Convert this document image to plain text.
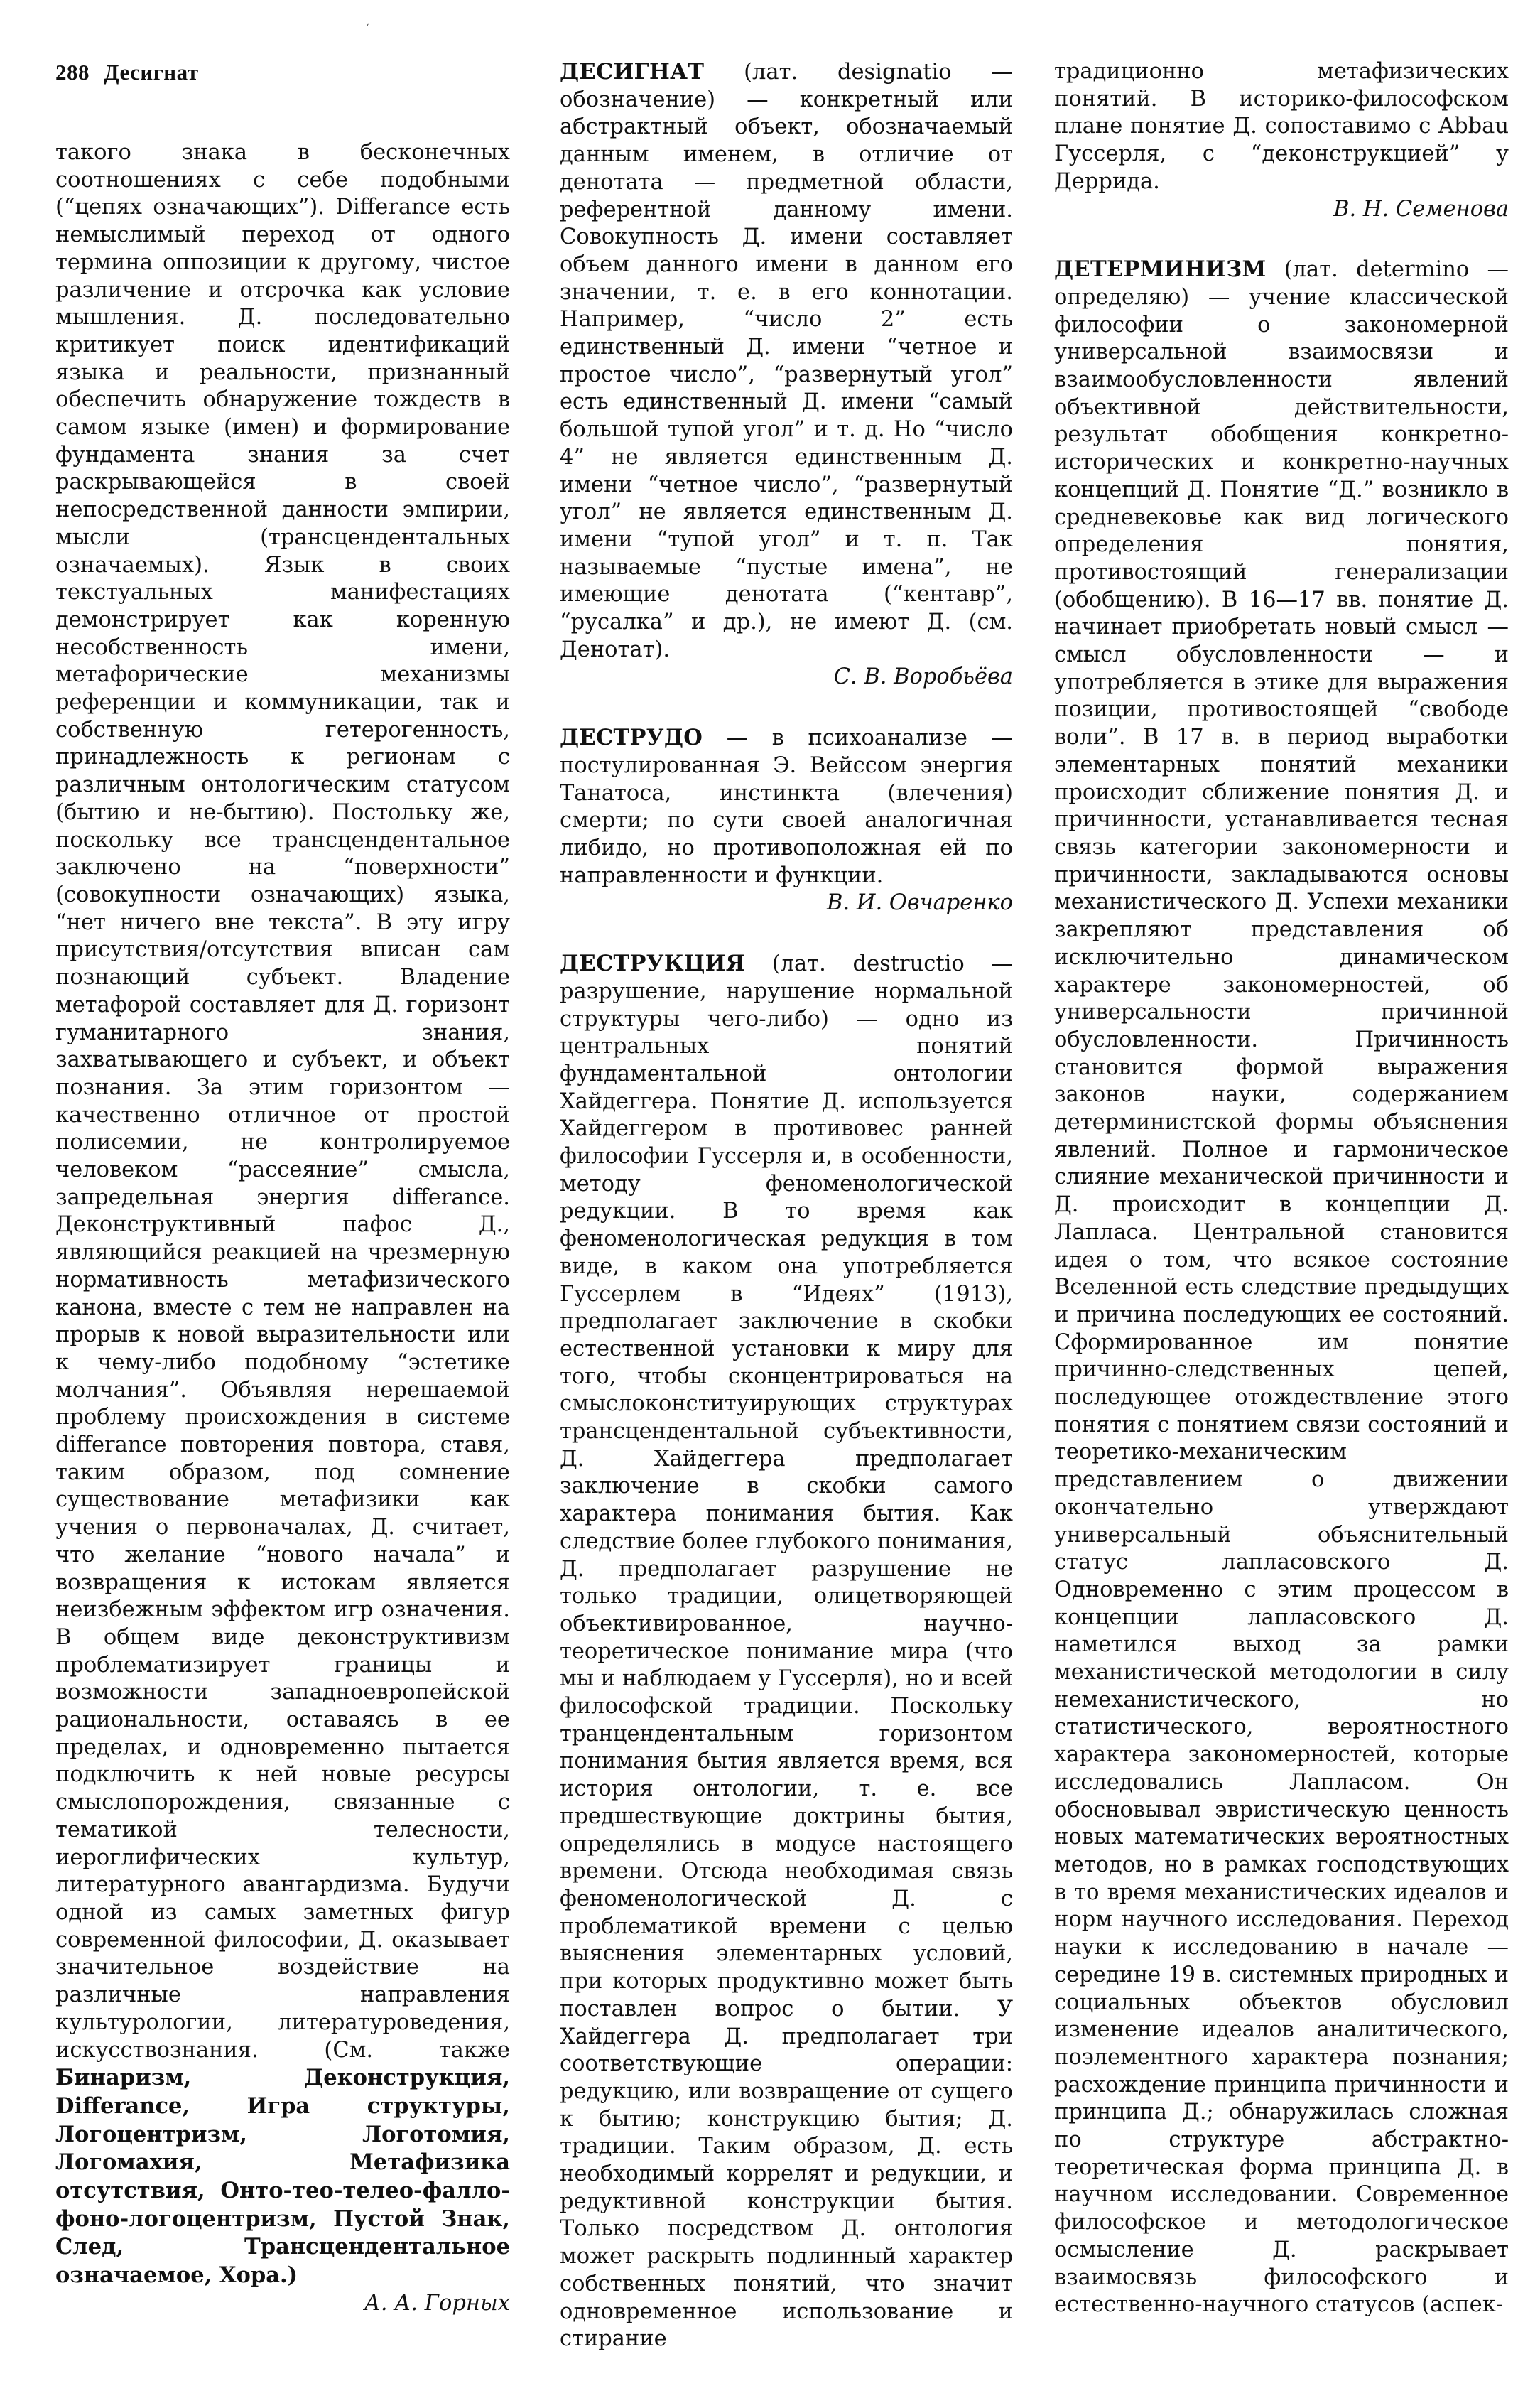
ʻ
288 Десигнат

такого знака в бесконечных соотношениях с себе подобными (“цепях означающих”). Differance есть немыслимый переход от одного термина оппозиции к другому, чистое различение и отсрочка как условие мышления. Д. последовательно критикует поиск идентификаций языка и реальности, признанный обеспечить обнаружение тождеств в самом языке (имен) и формирование фундамента знания за счет раскрывающейся в своей непосредственной данности эмпирии, мысли (трансцендентальных означаемых). Язык в своих текстуальных манифестациях демонстрирует как коренную несобственность имени, метафорические механизмы референции и коммуникации, так и собственную гетерогенность, принадлежность к регионам с различным онтологическим статусом (бытию и не-бытию). Постольку же, поскольку все трансцендентальное заключено на “поверхности” (совокупности означающих) языка, “нет ничего вне текста”. В эту игру присутствия/отсутствия вписан сам познающий субъект. Владение метафорой составляет для Д. горизонт гуманитарного знания, захватывающего и субъект, и объект познания. За этим горизонтом — качественно отличное от простой полисемии, не контролируемое человеком “рассеяние” смысла, запредельная энергия differance. Деконструктивный пафос Д., являющийся реакцией на чрезмерную нормативность метафизического канона, вместе с тем не направлен на прорыв к новой выразительности или к чему-либо подобному “эстетике молчания”. Объявляя нерешаемой проблему происхождения в системе differance повторения повтора, ставя, таким образом, под сомнение существование метафизики как учения о первоначалах, Д. считает, что желание “нового начала” и возвращения к истокам является неизбежным эффектом игр означения. В общем виде деконструктивизм проблематизирует границы и возможности западноевропейской рациональности, оставаясь в ее пределах, и одновременно пытается подключить к ней новые ресурсы смыслопорождения, связанные с тематикой телесности, иероглифических культур, литературного авангардизма. Будучи одной из самых заметных фигур современной философии, Д. оказывает значительное воздействие на различные направления культурологии, литературоведения, искусствознания. (См. также Бинаризм, Деконструкция, Differance, Игра структуры, Логоцентризм, Логотомия, Логомахия, Метафизика отсутствия, Онто-тео-телео-фалло-фоно-логоцентризм, Пустой Знак, След, Трансцендентальное означаемое, Хора.)

А. А. Горных

ДЕСИГНАТ (лат. designatio — обозначение) — конкретный или абстрактный объект, обозначаемый данным именем, в отличие от денотата — предметной области, референтной данному имени. Совокупность Д. имени составляет объем данного имени в данном его значении, т. е. в его коннотации. Например, “число 2” есть единственный Д. имени “четное и простое число”, “развернутый угол” есть единственный Д. имени “самый большой тупой угол” и т. д. Но “число 4” не является единственным Д. имени “четное число”, “развернутый угол” не является единственным Д. имени “тупой угол” и т. п. Так называемые “пустые имена”, не имеющие денотата (“кентавр”, “русалка” и др.), не имеют Д. (см. Денотат).

С. В. Воробьёва

ДЕСТРУДО — в психоанализе — постулированная Э. Вейссом энергия Танатоса, инстинкта (влечения) смерти; по сути своей аналогичная либидо, но противоположная ей по направленности и функции.

В. И. Овчаренко

ДЕСТРУКЦИЯ (лат. destructio — разрушение, нарушение нормальной структуры чего-либо) — одно из центральных понятий фундаментальной онтологии Хайдеггера. Понятие Д. используется Хайдеггером в противовес ранней философии Гуссерля и, в особенности, методу феноменологической редукции. В то время как феноменологическая редукция в том виде, в каком она употребляется Гуссерлем в “Идеях” (1913), предполагает заключение в скобки естественной установки к миру для того, чтобы сконцентрироваться на смыслоконституирующих структурах трансцендентальной субъективности, Д. Хайдеггера предполагает заключение в скобки самого характера понимания бытия. Как следствие более глубокого понимания, Д. предполагает разрушение не только традиции, олицетворяющей объективированное, научно-теоретическое понимание мира (что мы и наблюдаем у Гуссерля), но и всей философской традиции. Поскольку транцендентальным горизонтом понимания бытия является время, вся история онтологии, т. е. все предшествующие доктрины бытия, определялись в модусе настоящего времени. Отсюда необходимая связь феноменологической Д. с проблематикой времени с целью выяснения элементарных условий, при которых продуктивно может быть поставлен вопрос о бытии. У Хайдеггера Д. предполагает три соответствующие операции: редукцию, или возвращение от сущего к бытию; конструкцию бытия; Д. традиции. Таким образом, Д. есть необходимый коррелят и редукции, и редуктивной конструкции бытия. Только посредством Д. онтология может раскрыть подлинный характер собственных понятий, что значит одновременное использование и стирание

традиционно метафизических понятий. В историко-философском плане понятие Д. сопоставимо с Abbau Гуссерля, с “деконструкцией” у Деррида.

В. Н. Семенова

ДЕТЕРМИНИЗМ (лат. determino — определяю) — учение классической философии о закономерной универсальной взаимосвязи и взаимообусловленности явлений объективной действительности, результат обобщения конкретно-исторических и конкретно-научных концепций Д. Понятие “Д.” возникло в средневековье как вид логического определения понятия, противостоящий генерализации (обобщению). В 16—17 вв. понятие Д. начинает приобретать новый смысл — смысл обусловленности — и употребляется в этике для выражения позиции, противостоящей “свободе воли”. В 17 в. в период выработки элементарных понятий механики происходит сближение понятия Д. и причинности, устанавливается тесная связь категории закономерности и причинности, закладываются основы механистического Д. Успехи механики закрепляют представления об исключительно динамическом характере закономерностей, об универсальности причинной обусловленности. Причинность становится формой выражения законов науки, содержанием детерминистской формы объяснения явлений. Полное и гармоническое слияние механической причинности и Д. происходит в концепции Д. Лапласа. Центральной становится идея о том, что всякое состояние Вселенной есть следствие предыдущих и причина последующих ее состояний. Сформированное им понятие причинно-следственных цепей, последующее отождествление этого понятия с понятием связи состояний и теоретико-механическим представлением о движении окончательно утверждают универсальный объяснительный статус лапласовского Д. Одновременно с этим процессом в концепции лапласовского Д. наметился выход за рамки механистической методологии в силу немеханистического, но статистического, вероятностного характера закономерностей, которые исследовались Лапласом. Он обосновывал эвристическую ценность новых математических вероятностных методов, но в рамках господствующих в то время механистических идеалов и норм научного исследования. Переход науки к исследованию в начале — середине 19 в. системных природных и социальных объектов обусловил изменение идеалов аналитического, поэлементного характера познания; расхождение принципа причинности и принципа Д.; обнаружилась сложная по структуре абстрактно-теоретическая форма принципа Д. в научном исследовании. Современное философское и методологическое осмысление Д. раскрывает взаимосвязь философского и естественно-научного статусов (аспек-
